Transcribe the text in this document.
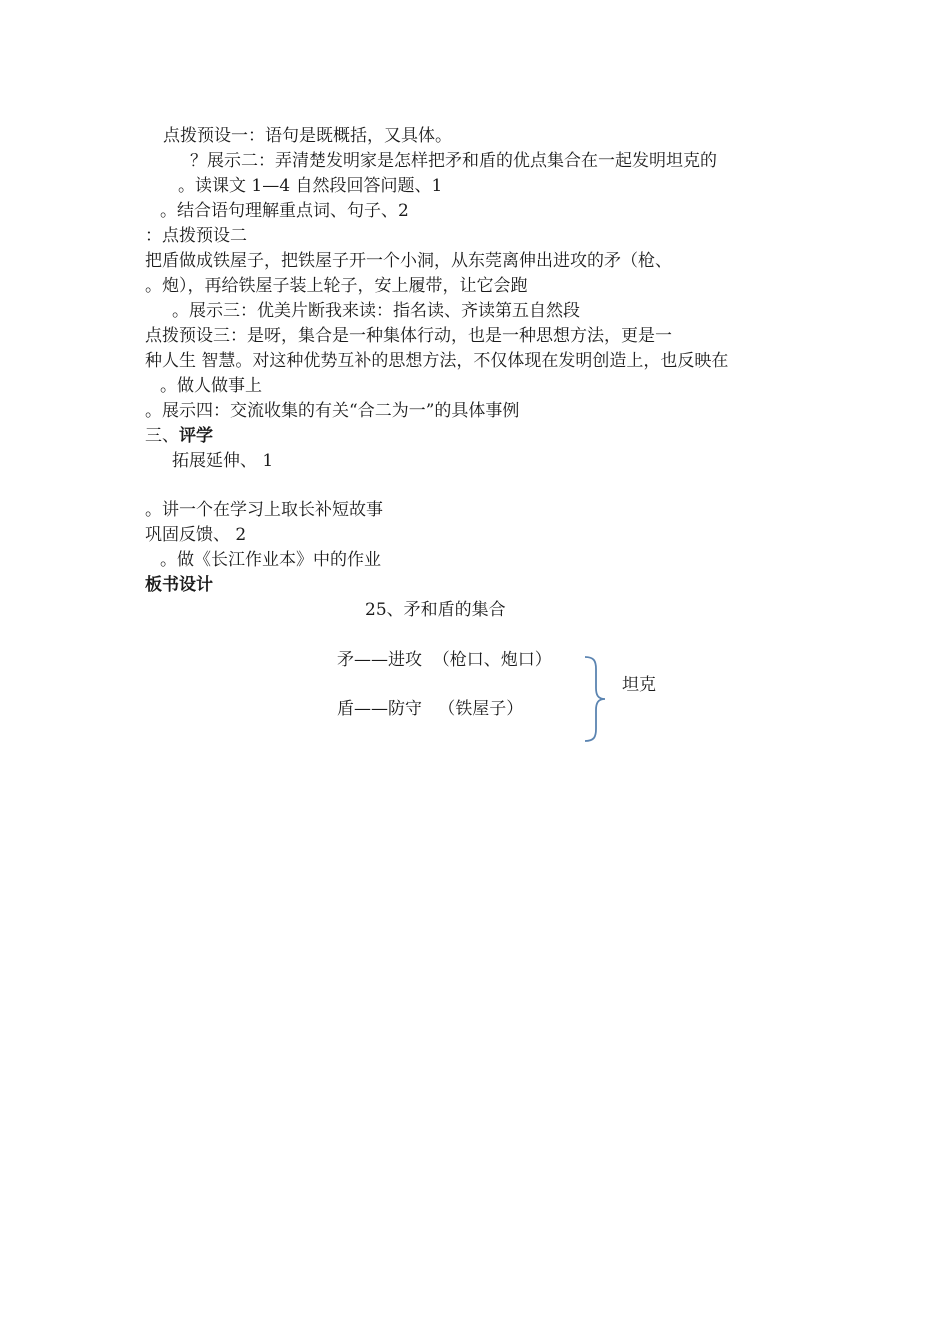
点拨预设一：语句是既概括，又具体。
？展示二：弄清楚发明家是怎样把矛和盾的优点集合在一起发明坦克的
。读课文 1—4 自然段回答问题、1
。结合语句理解重点词、句子、2
：点拨预设二
把盾做成铁屋子，把铁屋子开一个小洞，从东莞离伸出进攻的矛（枪、
。炮），再给铁屋子装上轮子，安上履带，让它会跑
。展示三：优美片断我来读：指名读、齐读第五自然段
点拨预设三：是呀，集合是一种集体行动，也是一种思想方法，更是一
种人生 智慧。对这种优势互补的思想方法，不仅体现在发明创造上，也反映在
。做人做事上
。展示四：交流收集的有关“合二为一”的具体事例
三、评学
拓展延伸、 1
。讲一个在学习上取长补短故事
巩固反馈、 2
。做《长江作业本》中的作业
板书设计
25、矛和盾的集合
矛——进攻  （枪口、炮口）
盾——防守   （铁屋子）
坦克
